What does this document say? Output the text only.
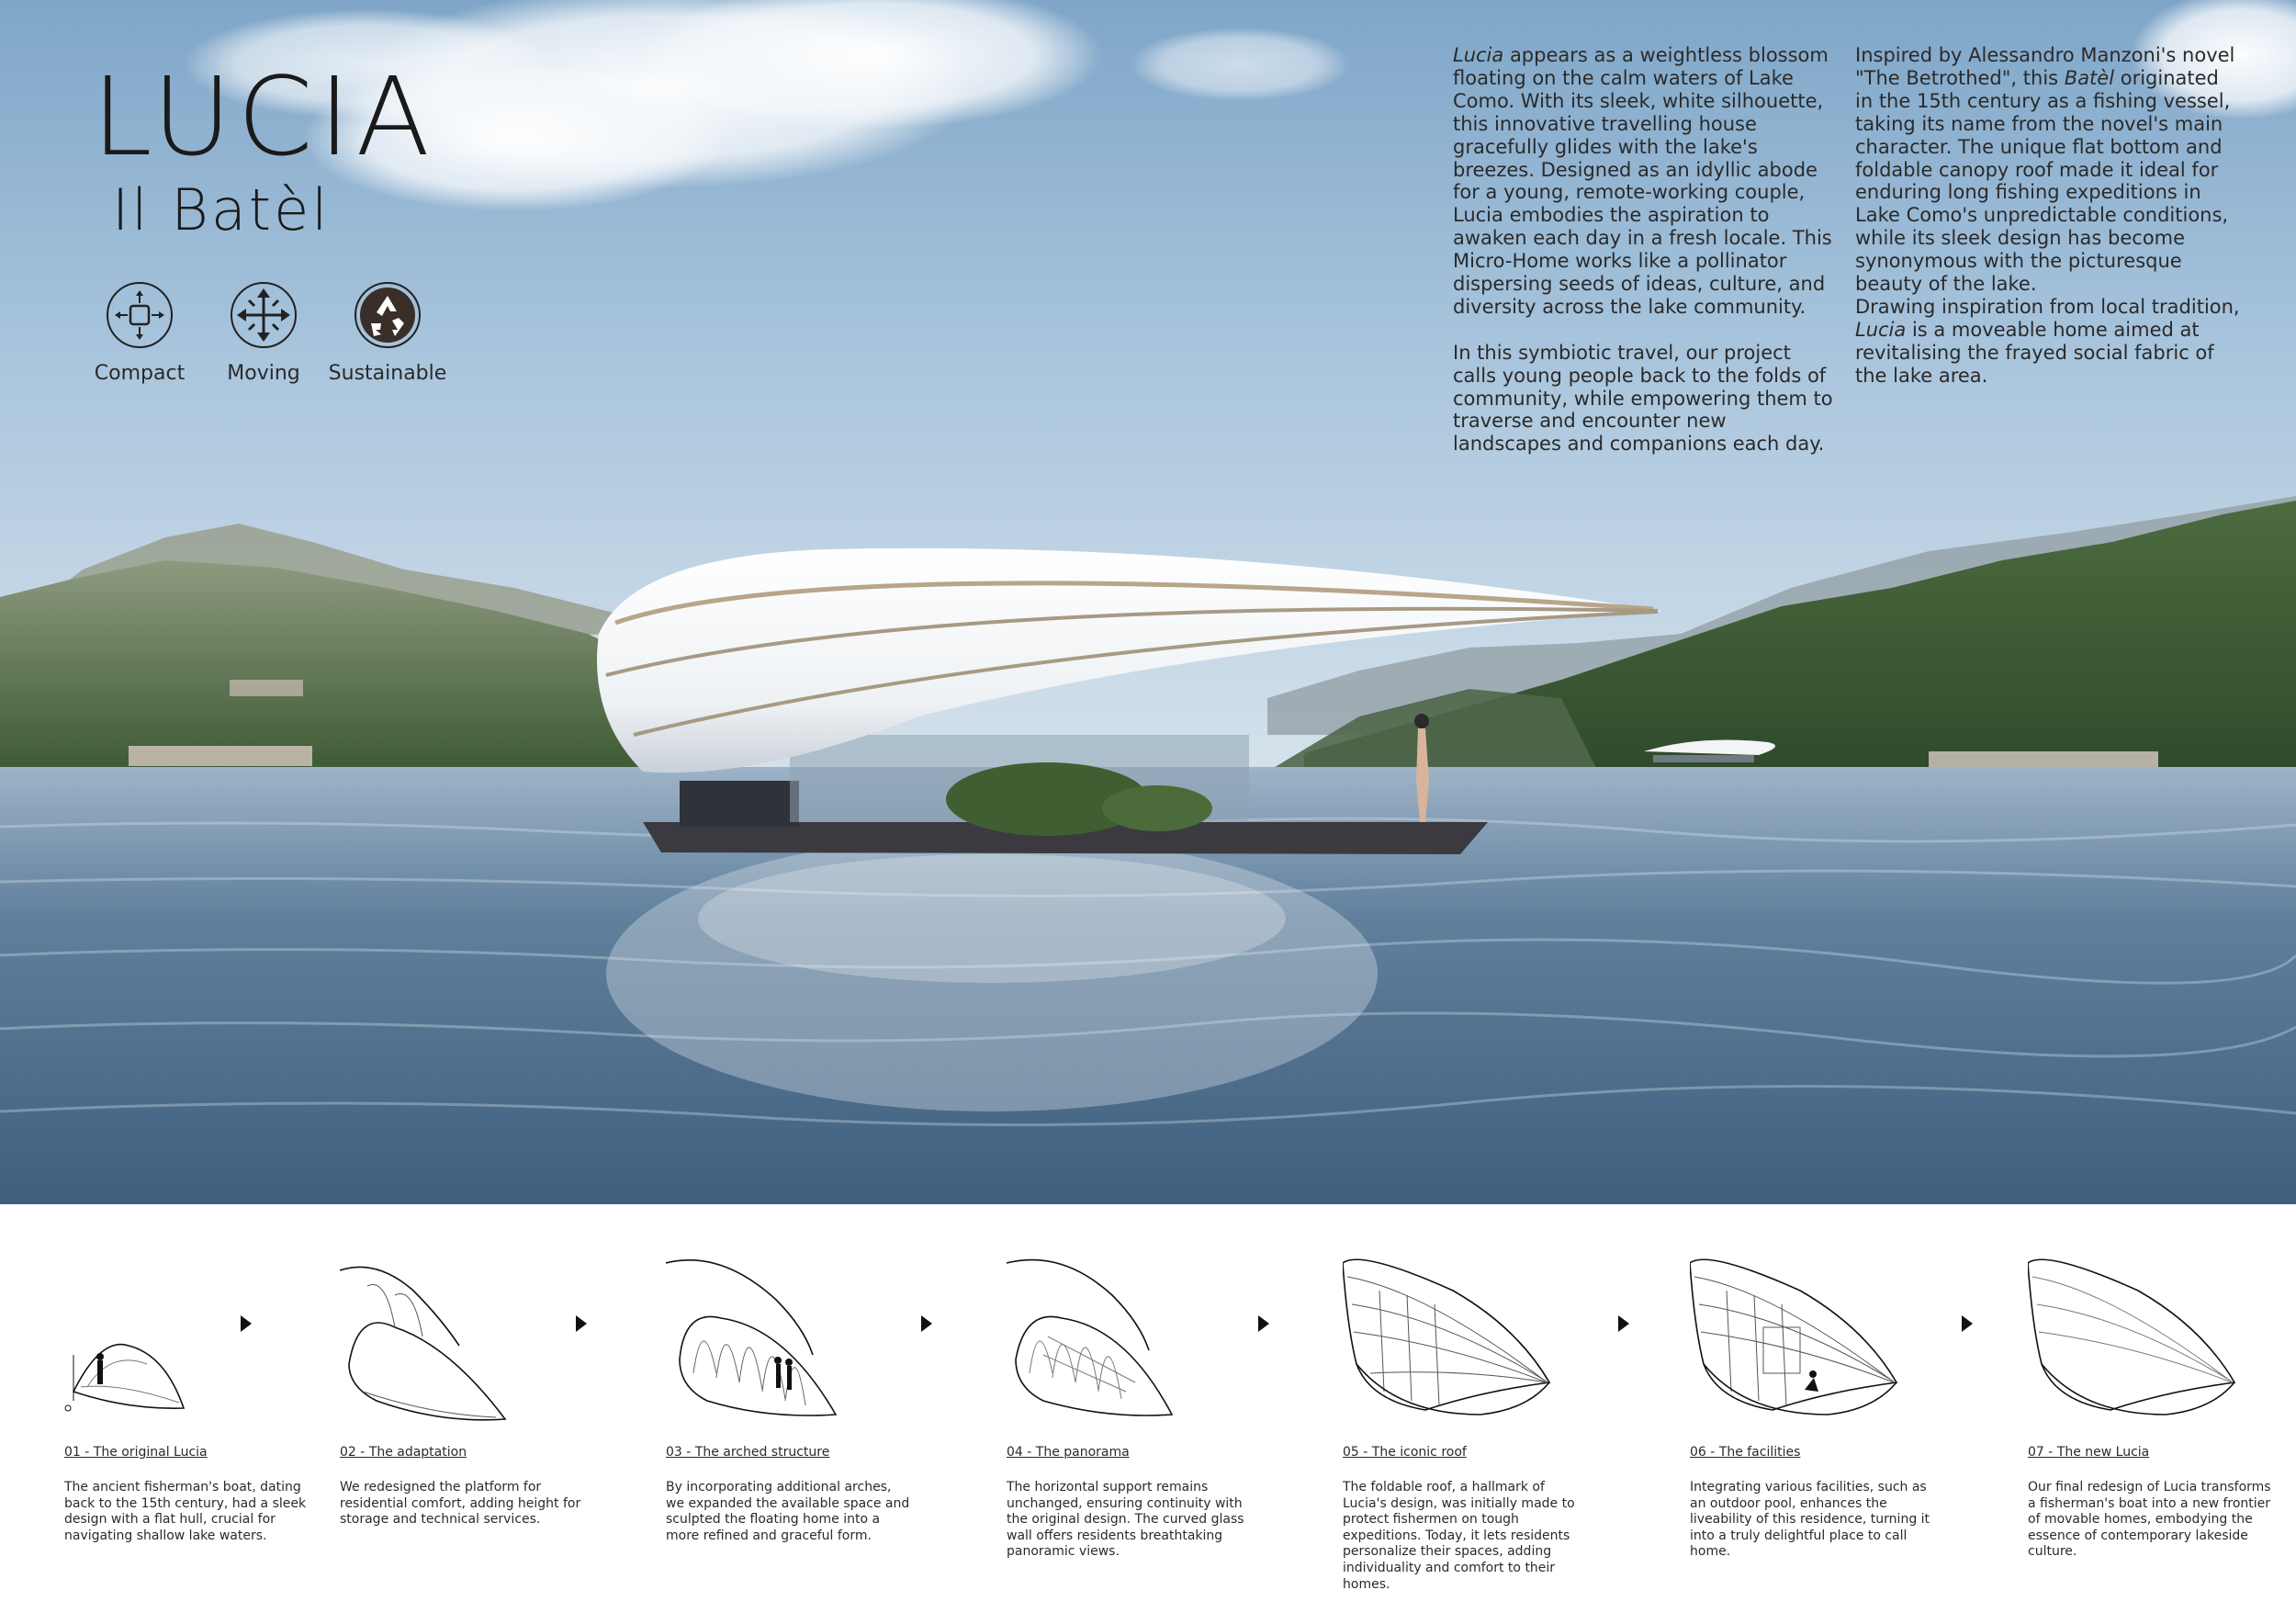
LUCIA
Il Batèl
Compact	Moving	Sustainable

Lucia appears as a weightless blossom floating on the calm waters of Lake Como. With its sleek, white silhouette, this innovative travelling house gracefully glides with the lake's breezes. Designed as an idyllic abode for a young, remote-working couple, Lucia embodies the aspiration to awaken each day in a fresh locale. This Micro-Home works like a pollinator dispersing seeds of ideas, culture, and diversity across the lake community.

In this symbiotic travel, our project calls young people back to the folds of community, while empowering them to traverse and encounter new landscapes and companions each day.

Inspired by Alessandro Manzoni's novel "The Betrothed", this Batèl originated in the 15th century as a fishing vessel, taking its name from the novel's main character. The unique flat bottom and foldable canopy roof made it ideal for enduring long fishing expeditions in Lake Como's unpredictable conditions, while its sleek design has become synonymous with the picturesque beauty of the lake.

Drawing inspiration from local tradition, Lucia is a moveable home aimed at revitalising the frayed social fabric of the lake area.

01 - The original Lucia

The ancient fisherman's boat, dating back to the 15th century, had a sleek design with a flat hull, crucial for navigating shallow lake waters.

02 - The adaptation

We redesigned the platform for residential comfort, adding height for storage and technical services.

03 - The arched structure

By incorporating additional arches, we expanded the available space and sculpted the floating home into a more refined and graceful form.

04 - The panorama

The horizontal support remains unchanged, ensuring continuity with the original design. The curved glass wall offers residents breathtaking panoramic views.

05 - The iconic roof

The foldable roof, a hallmark of Lucia's design, was initially made to protect fishermen on tough expeditions. Today, it lets residents personalize their spaces, adding individuality and comfort to their homes.

06 - The facilities

Integrating various facilities, such as an outdoor pool, enhances the liveability of this residence, turning it into a truly delightful place to call home.

07 - The new Lucia

Our final redesign of Lucia transforms a fisherman's boat into a new frontier of movable homes, embodying the essence of contemporary lakeside culture.
